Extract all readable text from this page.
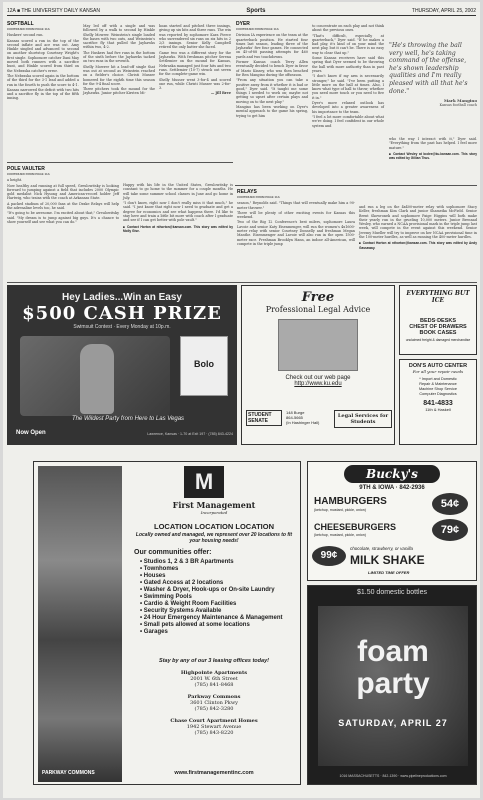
12A ■ THE UNIVERSITY DAILY KANSAN	Sports	THURSDAY, APRIL 25, 2002
SOFTBALL
CONTINUED FROM PAGE 11A

Huskers' second run.

Kansas scored a run in the top of the second inflate and ace was out. Amy Hinkle singled and advanced to second on another shortstop Courtney Wright's first single. Sophomore catcher Dani May moved both runners with a sacrifice bunt, and Hinkle scored from third on the Nebraska catcher's error.

The Nebraska scored again in the bottom of the third for the 3-1 lead and added a run in the fourth to push the score to 4-1.

Kansas narrowed the deficit with two hits and a sacrifice fly in the top of the fifth inning.

May led off with a single and was followed by a walk to second by Hinkle Shelly Mowrer. Weinstein's single loaded the bases with two outs, and Weinstein's sacrifice fly that pulled the Jayhawks within two, 4-2.

The Huskers had five runs in the bottom of the sixth before the Jayhawks tacked on two runs in the seventh.

Shelly Mowrer hit a lead-off single that was out at second as Weinstein reached on a fielder's choice. Christi Musser homered for the eighth time this season for the 9-4 final score.

Three pitchers took the mound for the Jayhawks. Junior pitcher Kirsten Mi-

hoan started and pitched three innings, giving up six hits and three runs. The win was reported by sophomore Kara Pierce who surrendered six runs on six hits in 2 2/3 innings. Senior Kelly Campbell retired the only batter she faced.

Game two was a different story for the Jayhawks. With freshman pitcher Serena Settlemier on the mound for Kansas, Nebraska managed just four hits and two runs. Settlemier (10-7) struck out seven for the complete-game win.

Shelly Musser went 3-for-4 and scored one run, while Christi Musser was 2-for-3.

— Jill Bree
DYER
CONTINUED FROM PAGE 11A

Division IA experience on the team at the quarterback position. He started four times last season, leading three of the Jayhawks' five four games. He connected on 45-of-88 passing attempts for 460 yards and two touchdowns.

Former Kansas coach Terry Allen eventually decided to bench Dyer in favor of Mario Kinsey, who was then benched for Ben Mangino during the offseason.

"From any situation you can take a positive away from it whether it is bad or good," Dyer said. "It taught me some things I needed to work on; maybe not getting so upset after certain plays and moving on to the next play."

Mangino has been working on Dyer's mental approach to the game his spring, trying to get him

to concentrate on each play and not think about the previous ones.

"That's difficult, especially at quarterback," Dyer said. "If he makes a bad play, it's kind of on your mind the next play, but it can't be. There is no easy way to clear that up."

Some Kansas receivers have said this spring that Dyer seemed to be throwing the ball with more authority than in past years.

"I don't know if my arm is necessarily stronger," he said. "I've been putting a little more on the ball at times. Also, I know what type of ball to throw; whether you need more touch or you need to fire it in."

Dyer's more relaxed outlook has developed into a greater awareness of his importance to the team.

"I feel a lot more comfortable about what we're doing. I feel confident in our whole system and

"He's throwing the ball very well, he's taking command of the offense, he's shown leadership qualities and I'm really pleased with all that he's done."
Mark Mangino
Kansas football coach

who the way I interact with it," Dyer said. "Everything from the past has helped. I feel more mature."

■ Contact Wesley at bcdee@ku.kansan.com. This story was edited by Gillian Thus.
POLE VAULTER
CONTINUED FROM PAGE 11A

a height.

Now healthy and running at full speed, Greulowitsky is looking forward to jumping against a field that includes 2000 Olympic gold medalist Nick Hysong and American-record holder Jeff Hartwig, who trains with the coach at Arkansas State.

A packed stadium of 20,000 fans at the Drake Relays will help the adrenaline levels too, he said.

"It's going to be awesome. I'm excited about that," Greulowitsky said. "My dream is to jump against big guys. It's a chance to show yourself and see what you can do."

Happy with his life in the United States, Greulowitsky is constant to go home to the summer for a couple months. He will take some summer school classes in June and go home in July.

"I don't know, right now I don't really miss it that much," he said. "I just know that right now I need to graduate and get a degree for economics and see what happens there. I'd like to stay here and train a little bit more with coach after I graduate and see if I can get better with pole vault."

■ Contact Horton at nthorton@kansan.com. This story was edited by Molly Gise.
RELAYS
CONTINUED FROM PAGE 11A

season," Reynolds said. "Things that will eventually make him a 90-meter thrower."

There will be plenty of other exciting events for Kansas this weekend.

Two of the Big 12 Conference's best milers, sophomore Laura Lavoie and senior Katy Eisenmenger, will run the women's 4x1600-meter relay with senior Courtney Donnelly and freshman Megan Manthe. Eisenmenger and Lavoie will also run in the open 1500-meter race. Freshman Brooklyn Hann, an indoor all-American, will compete in the triple jump

and run a leg on the 4x400-meter relay with sophomore Stacy Keller, freshman Kim Clark and junior Shameika McField. Senior Brent Skowronek and sophomore Paige Higgins will both make their yearly run in the grueling 10,000 meters. Junior Brennad Wesley, who earned a NCAA provisional mark in the triple jump last week, will compete in the event against this weekend. Senior Jeremy Mueller will try to improve on her NCAA provisional time in the 100-meter hurdles, as well as running the 400-meter hurdles.

■ Contact Horton at nthorton@kansan.com. This story was edited by Andy Gassaway.
Hey Ladies...Win an Easy
$500 CASH PRIZE
Swimsuit Contest · Every Monday at 10p.m.
Bolo
The Wildest Party from Here to Las Vegas
Now Open	Lawrence, Kansas · 1-70 at Exit 197 · (785) 843-4224
Free
Professional Legal Advice
Check out our web page
http://www.ku.edu
STUDENT
SENATE
148 Burge
864-5665
(In Hashinger Hall)
Legal Services for Students
EVERYTHING BUT ICE
BEDS·DESKS
CHEST OF DRAWERS
BOOK CASES
unclaimed freight & damaged merchandise
DON'S AUTO CENTER
For all your repair needs
* Import and Domestic
Repair & Maintenance
Machine Shop Service
Computer Diagnostics
841-4833
11th & Haskell
PARKWAY COMMONS
M
First Management
Incorporated
LOCATION LOCATION LOCATION
Locally owned and managed, we represent over 20 locations to fit your housing needs!
Our communities offer:
• Studios 1, 2 & 3 BR Apartments
• Townhomes
• Houses
• Gated Access at 2 locations
• Washer & Dryer, Hook-ups or On-site Laundry
• Swimming Pools
• Cardio & Weight Room Facilities
• Security Systems Available
• 24 Hour Emergency Maintenance & Management
• Small pets allowed at some locations
• Garages
Stay by any of our 3 leasing offices today!
Highpointe Apartments
2001 W. 6th Street
(785) 841-8468
Parkway Commons
3601 Clinton Pkwy
(785) 842-3280
Chase Court Apartment Homes
1942 Stewart Avenue
(785) 843-8220
www.firstmanagementinc.com
Bucky's
9TH & IOWA · 842-2936
HAMBURGERS
(ketchup, mustard, pickle, onion)	54¢
CHEESEBURGERS
(ketchup, mustard, pickle, onion)	79¢
99¢
chocolate, strawberry, or vanilla
MILK SHAKE
LIMITED TIME OFFER
$1.50 domestic bottles
foam party
SATURDAY, APRIL 27
1016 MASSACHUSETTS · 842-1390 · www.pipelineproductions.com
